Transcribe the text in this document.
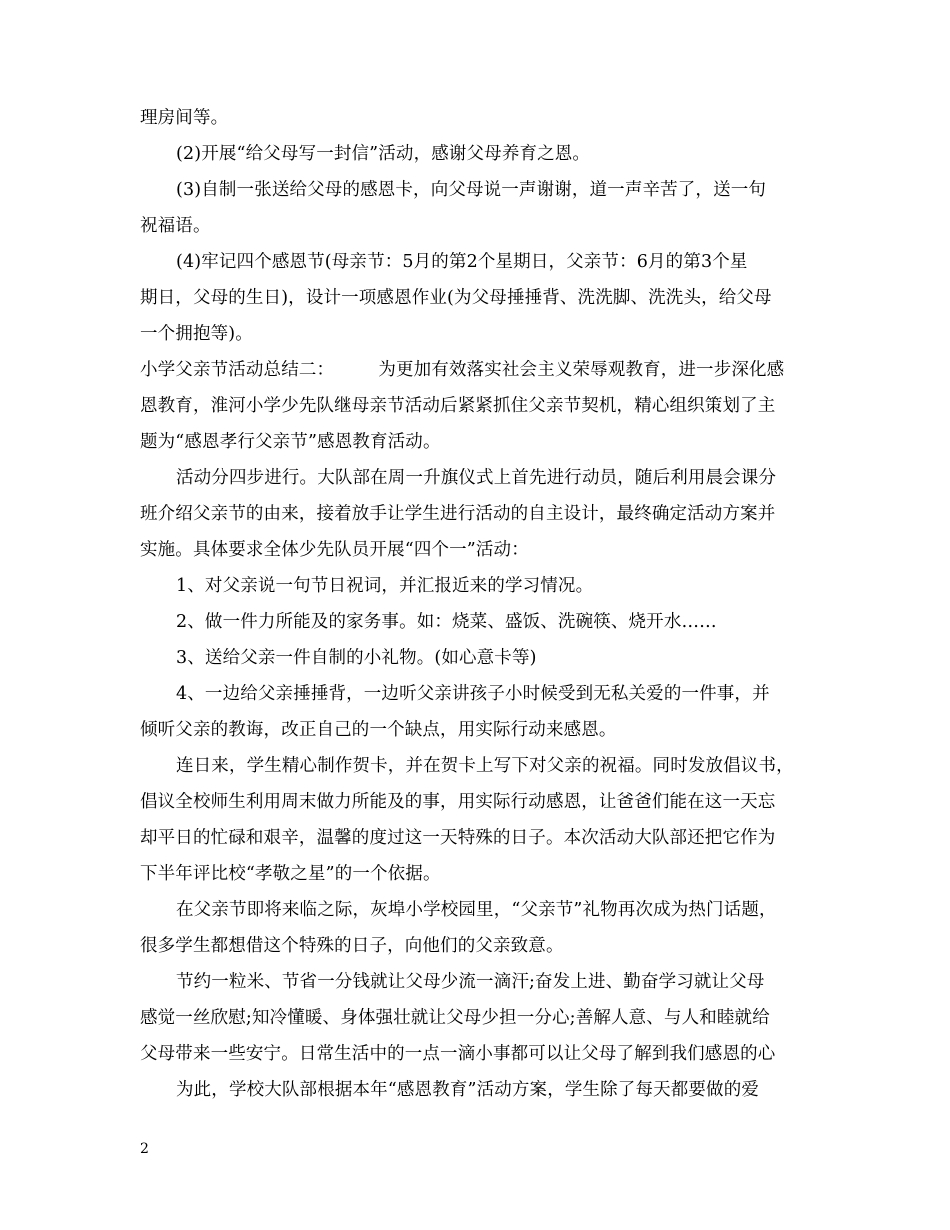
理房间等。
(2)开展“给父母写一封信”活动，感谢父母养育之恩。
(3)自制一张送给父母的感恩卡，向父母说一声谢谢，道一声辛苦了，送一句
祝福语。
(4)牢记四个感恩节(母亲节：5月的第2个星期日，父亲节：6月的第3个星
期日，父母的生日)，设计一项感恩作业(为父母捶捶背、洗洗脚、洗洗头，给父母
一个拥抱等)。
小学父亲节活动总结二：　　　为更加有效落实社会主义荣辱观教育，进一步深化感
恩教育，淮河小学少先队继母亲节活动后紧紧抓住父亲节契机，精心组织策划了主
题为“感恩孝行父亲节”感恩教育活动。
活动分四步进行。大队部在周一升旗仪式上首先进行动员，随后利用晨会课分
班介绍父亲节的由来，接着放手让学生进行活动的自主设计，最终确定活动方案并
实施。具体要求全体少先队员开展“四个一”活动：
1、对父亲说一句节日祝词，并汇报近来的学习情况。
2、做一件力所能及的家务事。如：烧菜、盛饭、洗碗筷、烧开水……
3、送给父亲一件自制的小礼物。(如心意卡等)
4、一边给父亲捶捶背，一边听父亲讲孩子小时候受到无私关爱的一件事，并
倾听父亲的教诲，改正自己的一个缺点，用实际行动来感恩。
连日来，学生精心制作贺卡，并在贺卡上写下对父亲的祝福。同时发放倡议书，
倡议全校师生利用周末做力所能及的事，用实际行动感恩，让爸爸们能在这一天忘
却平日的忙碌和艰辛，温馨的度过这一天特殊的日子。本次活动大队部还把它作为
下半年评比校“孝敬之星”的一个依据。
在父亲节即将来临之际，灰埠小学校园里，“父亲节”礼物再次成为热门话题，
很多学生都想借这个特殊的日子，向他们的父亲致意。
节约一粒米、节省一分钱就让父母少流一滴汗;奋发上进、勤奋学习就让父母
感觉一丝欣慰;知冷懂暖、身体强壮就让父母少担一分心;善解人意、与人和睦就给
父母带来一些安宁。日常生活中的一点一滴小事都可以让父母了解到我们感恩的心
为此，学校大队部根据本年“感恩教育”活动方案，学生除了每天都要做的爱
2
